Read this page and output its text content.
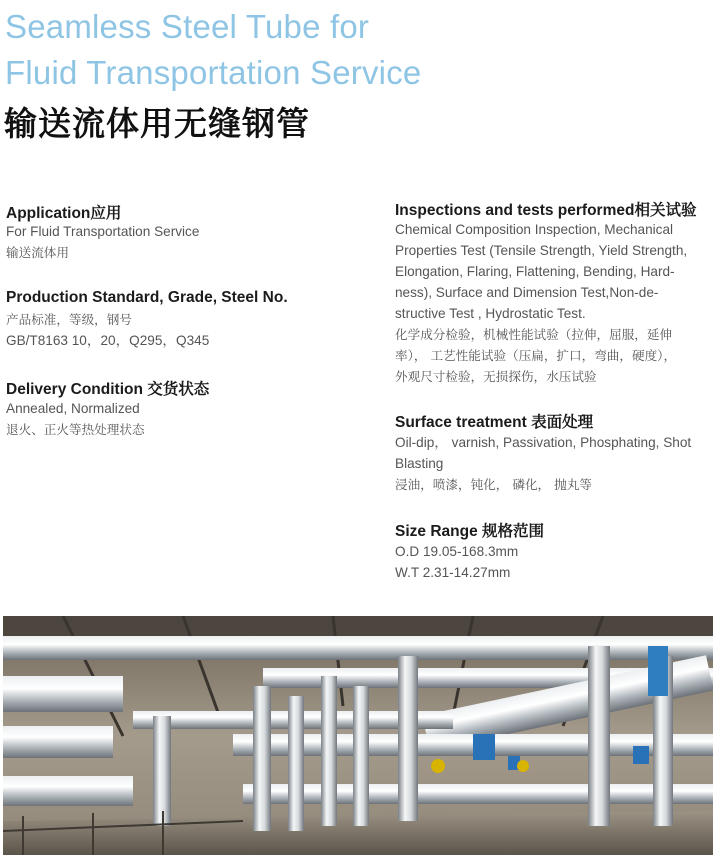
Seamless Steel Tube for
Fluid Transportation Service
输送流体用无缝钢管
Application应用
For Fluid Transportation Service
输送流体用
Production Standard, Grade, Steel No.
产品标准，等级，钢号
GB/T8163 10，20，Q295，Q345
Delivery Condition 交货状态
Annealed, Normalized
退火、正火等热处理状态
Inspections and tests performed相关试验
Chemical Composition Inspection, Mechanical
Properties Test (Tensile Strength, Yield Strength,
Elongation, Flaring, Flattening, Bending, Hard-
ness), Surface and Dimension Test,Non-de-
structive Test , Hydrostatic Test.
化学成分检验，机械性能试验（拉伸，屈服，延伸
率）， 工艺性能试验（压扁，扩口，弯曲，硬度），
外观尺寸检验，无损探伤，水压试验
Surface treatment 表面处理
Oil-dip， varnish, Passivation, Phosphating, Shot
Blasting
浸油，喷漆，钝化， 磷化， 抛丸等
Size Range 规格范围
O.D 19.05-168.3mm
W.T 2.31-14.27mm
